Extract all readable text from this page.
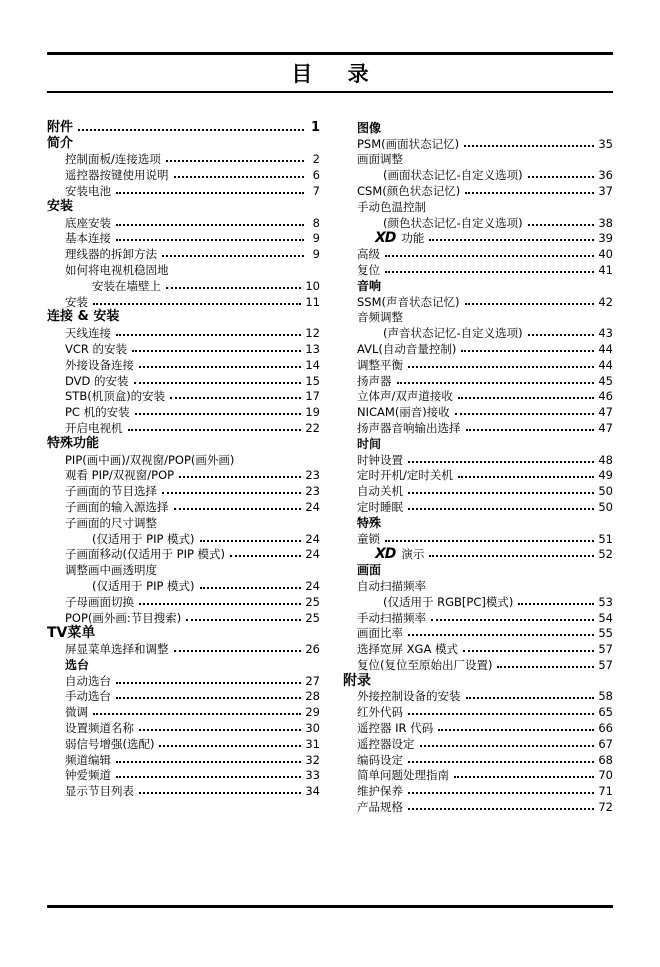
目 录
附件	1
简介
控制面板/连接选项	2
遥控器按键使用说明	6
安装电池	7
安装
底座安装	8
基本连接	9
理线器的拆卸方法	9
如何将电视机稳固地
安装在墙壁上	10
安装	11
连接 & 安装
天线连接	12
VCR 的安装	13
外接设备连接	14
DVD 的安装	15
STB(机顶盒)的安装	17
PC 机的安装	19
开启电视机	22
特殊功能
PIP(画中画)/双视窗/POP(画外画)
观看 PIP/双视窗/POP	23
子画面的节目选择	23
子画面的输入源选择	24
子画面的尺寸调整
(仅适用于 PIP 模式)	24
子画面移动(仅适用于 PIP 模式)	24
调整画中画透明度
(仅适用于 PIP 模式)	24
子母画面切换	25
POP(画外画:节目搜索)	25
TV菜单
屏显菜单选择和调整	26
选台
自动选台	27
手动选台	28
微调	29
设置频道名称	30
弱信号增强(选配)	31
频道编辑	32
钟爱频道	33
显示节目列表	34
图像
PSM(画面状态记忆)	35
画面调整
(画面状态记忆-自定义选项)	36
CSM(颜色状态记忆)	37
手动色温控制
(颜色状态记忆-自定义选项)	38
XD 功能	39
高级	40
复位	41
音响
SSM(声音状态记忆)	42
音频调整
(声音状态记忆-自定义选项)	43
AVL(自动音量控制)	44
调整平衡	44
扬声器	45
立体声/双声道接收	46
NICAM(丽音)接收	47
扬声器音响输出选择	47
时间
时钟设置	48
定时开机/定时关机	49
自动关机	50
定时睡眠	50
特殊
童锁	51
XD 演示	52
画面
自动扫描频率
(仅适用于 RGB[PC]模式)	53
手动扫描频率	54
画面比率	55
选择宽屏 XGA 模式	57
复位(复位至原始出厂设置)	57
附录
外接控制设备的安装	58
红外代码	65
遥控器 IR 代码	66
遥控器设定	67
编码设定	68
简单问题处理指南	70
维护保养	71
产品规格	72
